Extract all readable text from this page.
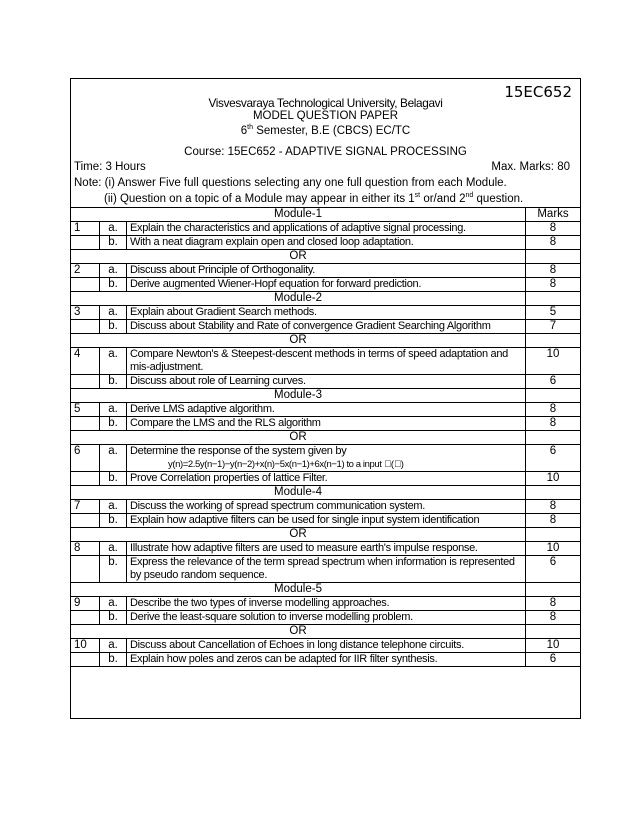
15EC652
Visvesvaraya Technological University, Belagavi
MODEL QUESTION PAPER
6th Semester, B.E (CBCS) EC/TC
Course: 15EC652 - ADAPTIVE SIGNAL PROCESSING
Time: 3 Hours	Max. Marks: 80
Note: (i) Answer Five full questions selecting any one full question from each Module.
(ii) Question on a topic of a Module may appear in either its 1st or/and 2nd question.
Module-1			Marks
1	a.	Explain the characteristics and applications of adaptive signal processing.	8
	b.	With a neat diagram explain open and closed loop adaptation.	8
OR			
2	a.	Discuss about Principle of Orthogonality.	8
	b.	Derive augmented Wiener-Hopf equation for forward prediction.	8
Module-2			
3	a.	Explain about Gradient Search methods.	5
	b.	Discuss about Stability and Rate of convergence Gradient Searching Algorithm	7
OR			
4	a.	Compare Newton's & Steepest-descent methods in terms of speed adaptation and mis-adjustment.	10
	b.	Discuss about role of Learning curves.	6
Module-3			
5	a.	Derive LMS adaptive algorithm.	8
	b.	Compare the LMS and the RLS algorithm	8
OR			
6	a.	Determine the response of the system given by
y(n)=2.5y(n−1)−y(n−2)+x(n)−5x(n−1)+6x(n−1) to a input ⃞(⃞)	6
	b.	Prove Correlation properties of lattice Filter.	10
Module-4			
7	a.	Discuss the working of spread spectrum communication system.	8
	b.	Explain how adaptive filters can be used for single input system identification	8
OR			
8	a.	Illustrate how adaptive filters are used to measure earth's impulse response.	10
	b.	Express the relevance of the term spread spectrum when information is represented by pseudo random sequence.	6
Module-5			
9	a.	Describe the two types of inverse modelling approaches.	8
	b.	Derive the least-square solution to inverse modelling problem.	8
OR			
10	a.	Discuss about Cancellation of Echoes in long distance telephone circuits.	10
	b.	Explain how poles and zeros can be adapted for IIR filter synthesis.	6
